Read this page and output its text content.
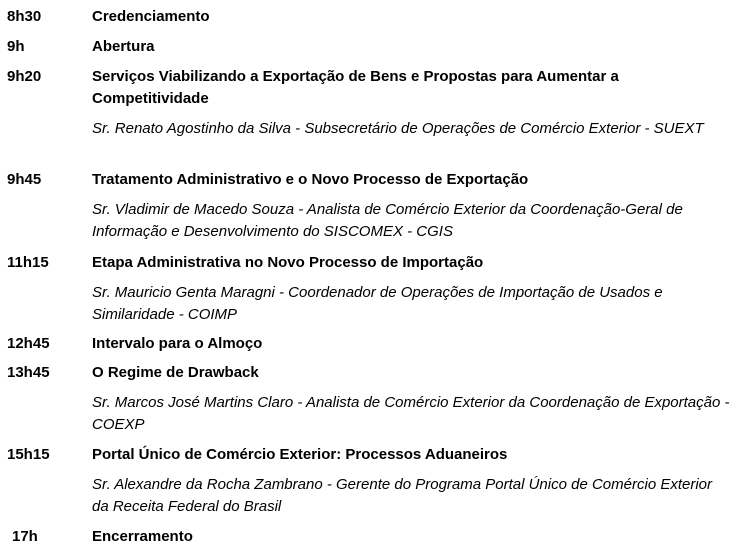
8h30	Credenciamento
9h	Abertura
9h20	Serviços Viabilizando a Exportação de Bens e Propostas para Aumentar a Competitividade
Sr. Renato Agostinho da Silva - Subsecretário de Operações de Comércio Exterior - SUEXT
9h45	Tratamento Administrativo e o Novo Processo de Exportação
Sr. Vladimir de Macedo Souza - Analista de Comércio Exterior da Coordenação-Geral de Informação e Desenvolvimento do SISCOMEX - CGIS
11h15	Etapa Administrativa no Novo Processo de Importação
Sr. Mauricio Genta Maragni - Coordenador de Operações de Importação de Usados e Similaridade - COIMP
12h45	Intervalo para o Almoço
13h45	O Regime de Drawback
Sr. Marcos José Martins Claro - Analista de Comércio Exterior da Coordenação de Exportação - COEXP
15h15	Portal Único de Comércio Exterior: Processos Aduaneiros
Sr. Alexandre da Rocha Zambrano - Gerente do Programa Portal Único de Comércio Exterior da Receita Federal do Brasil
17h	Encerramento
